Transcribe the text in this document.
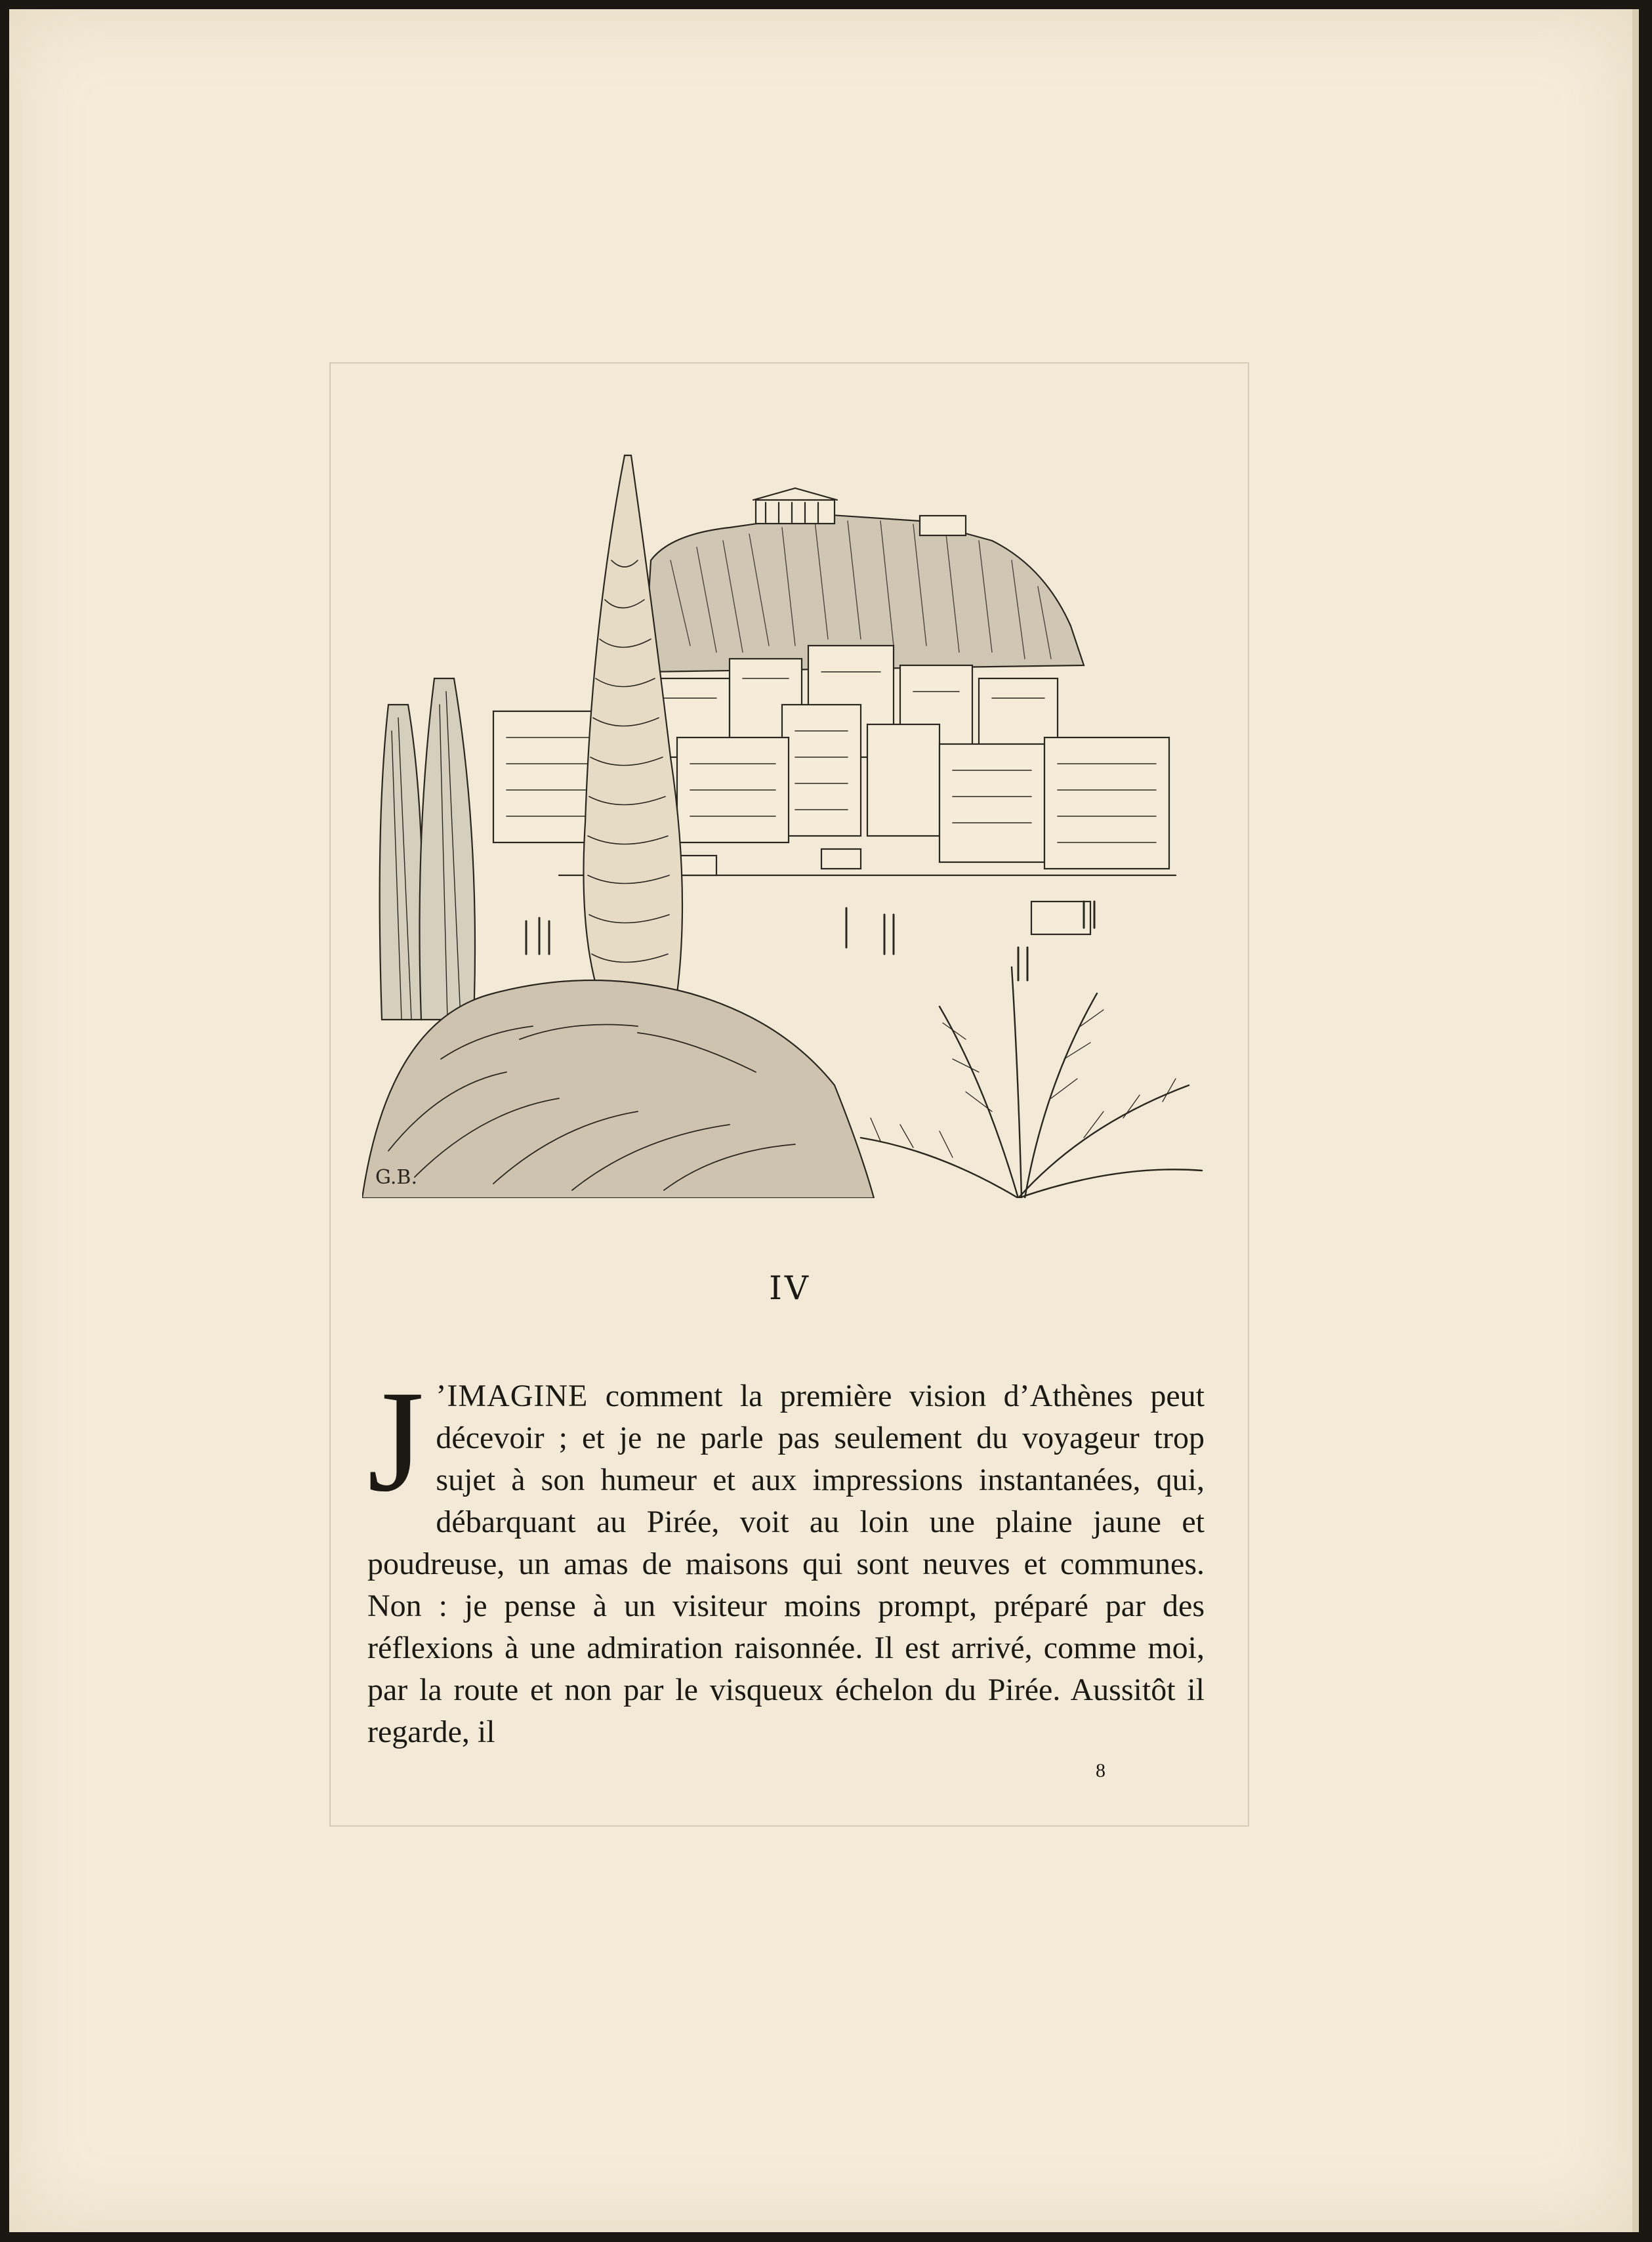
G.B.
IV
J ’IMAGINE comment la première vision d’Athènes peut décevoir ; et je ne parle pas seulement du voyageur trop sujet à son humeur et aux impressions instantanées, qui, débarquant au Pirée, voit au loin une plaine jaune et poudreuse, un amas de maisons qui sont neuves et communes. Non : je pense à un visiteur moins prompt, préparé par des réflexions à une admiration raisonnée. Il est arrivé, comme moi, par la route et non par le visqueux échelon du Pirée. Aussitôt il regarde, il
8
